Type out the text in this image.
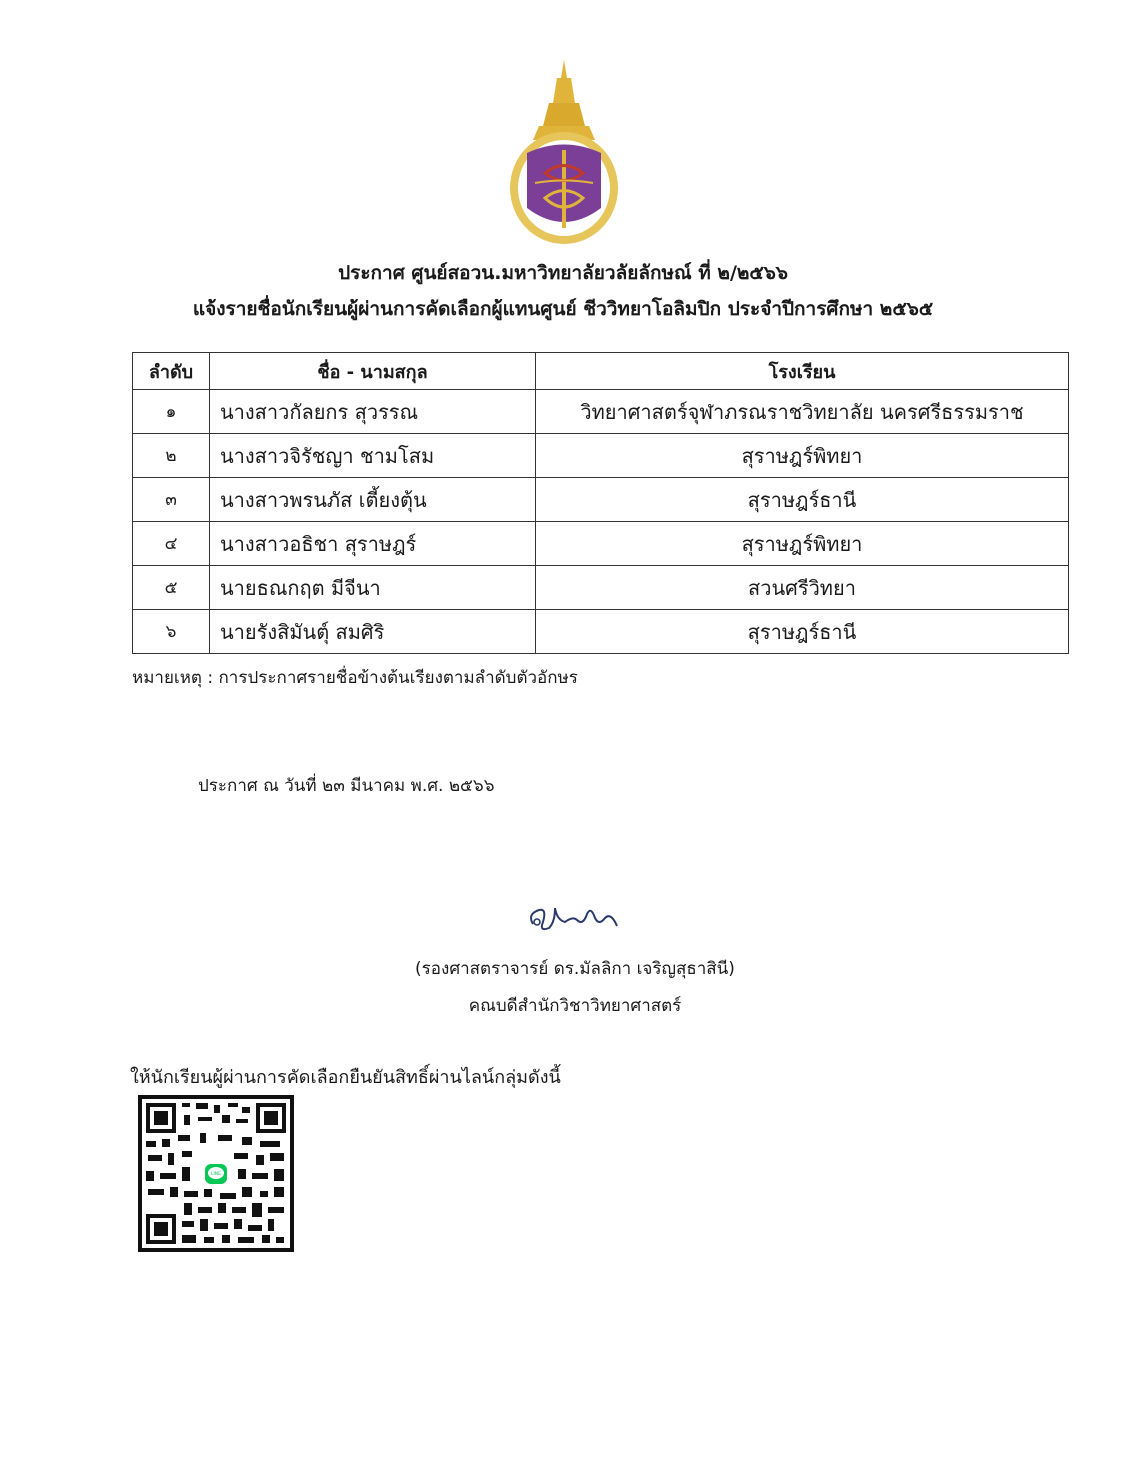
ประกาศ ศูนย์สอวน.มหาวิทยาลัยวลัยลักษณ์ ที่ ๒/๒๕๖๖
แจ้งรายชื่อนักเรียนผู้ผ่านการคัดเลือกผู้แทนศูนย์ ชีววิทยาโอลิมปิก ประจำปีการศึกษา ๒๕๖๕
ลำดับ	ชื่อ - นามสกุล	โรงเรียน
๑	นางสาวกัลยกร สุวรรณ	วิทยาศาสตร์จุฬาภรณราชวิทยาลัย นครศรีธรรมราช
๒	นางสาวจิรัชญา ชามโสม	สุราษฎร์พิทยา
๓	นางสาวพรนภัส เตี้ยงตุ้น	สุราษฎร์ธานี
๔	นางสาวอธิชา สุราษฎร์	สุราษฎร์พิทยา
๕	นายธณกฤต มีจีนา	สวนศรีวิทยา
๖	นายรังสิมันต์ุ สมศิริ	สุราษฎร์ธานี
หมายเหตุ : การประกาศรายชื่อข้างต้นเรียงตามลำดับตัวอักษร
ประกาศ ณ วันที่ ๒๓ มีนาคม พ.ศ. ๒๕๖๖
(รองศาสตราจารย์ ดร.มัลลิกา เจริญสุธาสินี)
คณบดีสำนักวิชาวิทยาศาสตร์
ให้นักเรียนผู้ผ่านการคัดเลือกยืนยันสิทธิ์ผ่านไลน์กลุ่มดังนี้
LINE
